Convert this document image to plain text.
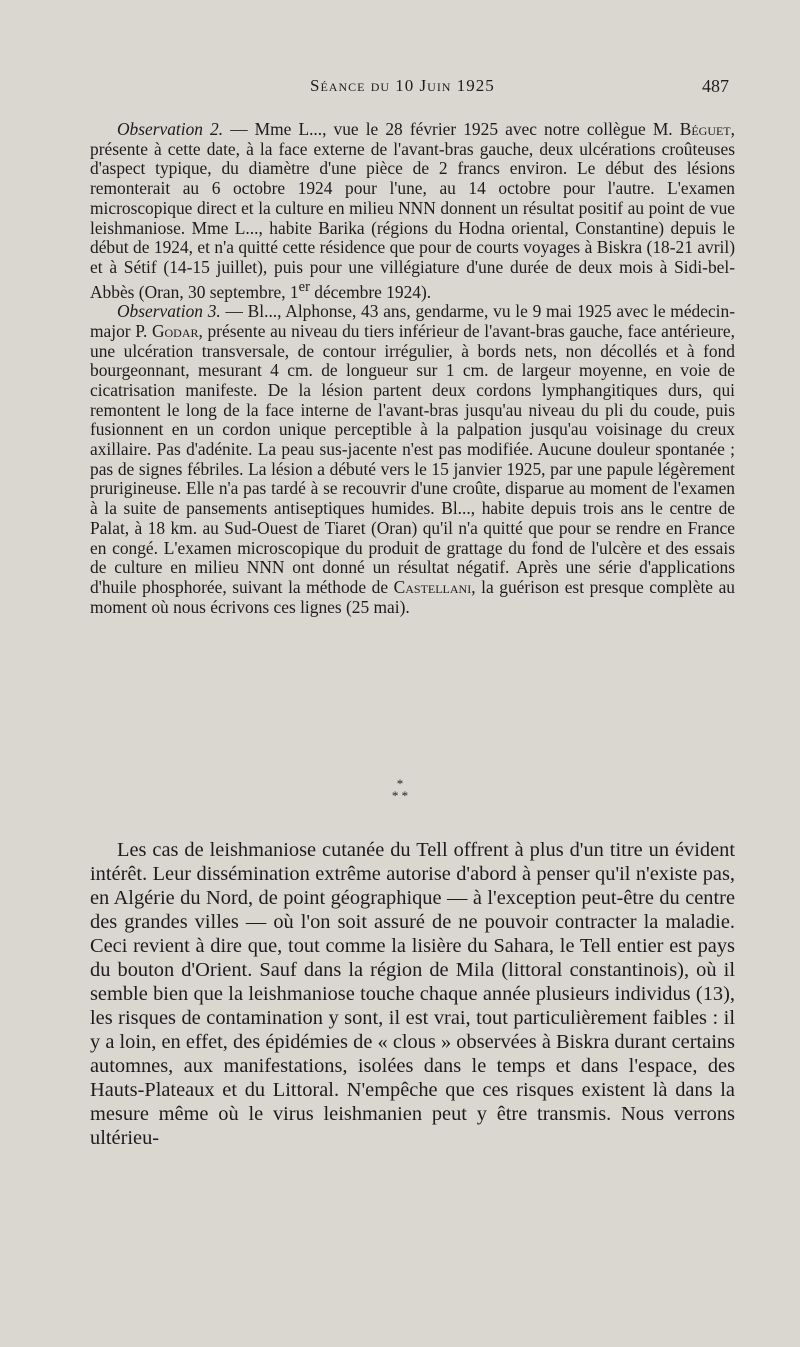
Séance du 10 Juin 1925	487

Observation 2. — Mme L..., vue le 28 février 1925 avec notre collègue M. Béguet, présente à cette date, à la face externe de l'avant-bras gauche, deux ulcérations croûteuses d'aspect typique, du diamètre d'une pièce de 2 francs environ. Le début des lésions remonterait au 6 octobre 1924 pour l'une, au 14 octobre pour l'autre. L'examen microscopique direct et la culture en milieu NNN donnent un résultat positif au point de vue leishmaniose. Mme L..., habite Barika (régions du Hodna oriental, Constantine) depuis le début de 1924, et n'a quitté cette résidence que pour de courts voyages à Biskra (18-21 avril) et à Sétif (14-15 juillet), puis pour une villégiature d'une durée de deux mois à Sidi-bel-Abbès (Oran, 30 septembre, 1er décembre 1924).

Observation 3. — Bl..., Alphonse, 43 ans, gendarme, vu le 9 mai 1925 avec le médecin-major P. Godar, présente au niveau du tiers inférieur de l'avant-bras gauche, face antérieure, une ulcération transversale, de contour irrégulier, à bords nets, non décollés et à fond bourgeonnant, mesurant 4 cm. de longueur sur 1 cm. de largeur moyenne, en voie de cicatrisation manifeste. De la lésion partent deux cordons lymphangitiques durs, qui remontent le long de la face interne de l'avant-bras jusqu'au niveau du pli du coude, puis fusionnent en un cordon unique perceptible à la palpation jusqu'au voisinage du creux axillaire. Pas d'adénite. La peau sus-jacente n'est pas modifiée. Aucune douleur spontanée ; pas de signes fébriles. La lésion a débuté vers le 15 janvier 1925, par une papule légèrement prurigineuse. Elle n'a pas tardé à se recouvrir d'une croûte, disparue au moment de l'examen à la suite de pansements antiseptiques humides. Bl..., habite depuis trois ans le centre de Palat, à 18 km. au Sud-Ouest de Tiaret (Oran) qu'il n'a quitté que pour se rendre en France en congé. L'examen microscopique du produit de grattage du fond de l'ulcère et des essais de culture en milieu NNN ont donné un résultat négatif. Après une série d'applications d'huile phosphorée, suivant la méthode de Castellani, la guérison est presque complète au moment où nous écrivons ces lignes (25 mai).

*
* *

Les cas de leishmaniose cutanée du Tell offrent à plus d'un titre un évident intérêt. Leur dissémination extrême autorise d'abord à penser qu'il n'existe pas, en Algérie du Nord, de point géographique — à l'exception peut-être du centre des grandes villes — où l'on soit assuré de ne pouvoir contracter la maladie. Ceci revient à dire que, tout comme la lisière du Sahara, le Tell entier est pays du bouton d'Orient. Sauf dans la région de Mila (littoral constantinois), où il semble bien que la leishmaniose touche chaque année plusieurs individus (13), les risques de contamination y sont, il est vrai, tout particulièrement faibles : il y a loin, en effet, des épidémies de « clous » observées à Biskra durant certains automnes, aux manifestations, isolées dans le temps et dans l'espace, des Hauts-Plateaux et du Littoral. N'empêche que ces risques existent là dans la mesure même où le virus leishmanien peut y être transmis. Nous verrons ultérieu-
